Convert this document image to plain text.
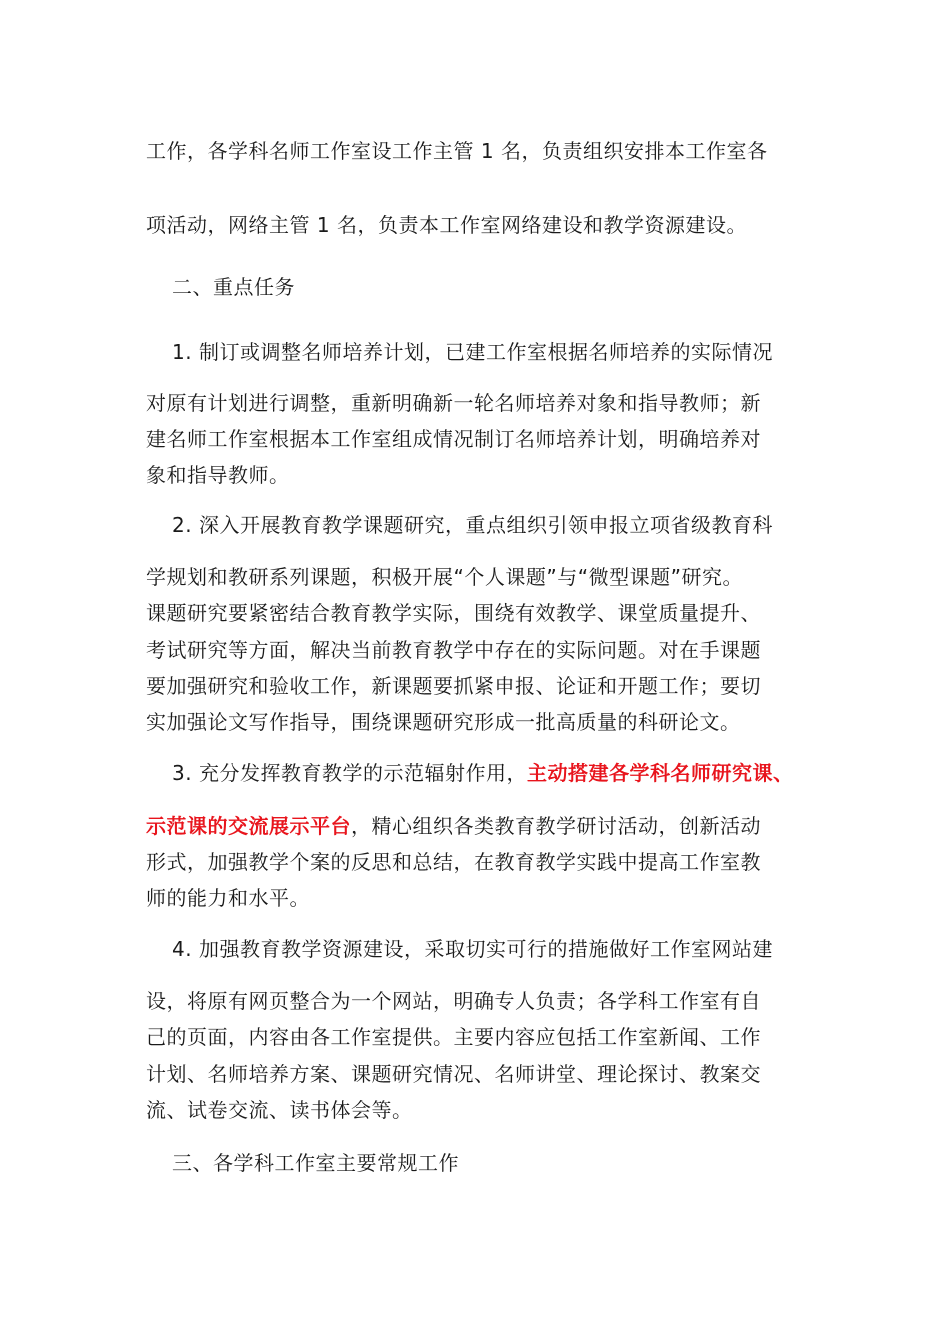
工作，各学科名师工作室设工作主管 1 名，负责组织安排本工作室各
项活动，网络主管 1 名，负责本工作室网络建设和教学资源建设。
二、重点任务
1. 制订或调整名师培养计划，已建工作室根据名师培养的实际情况
对原有计划进行调整，重新明确新一轮名师培养对象和指导教师；新
建名师工作室根据本工作室组成情况制订名师培养计划，明确培养对
象和指导教师。
2. 深入开展教育教学课题研究，重点组织引领申报立项省级教育科
学规划和教研系列课题，积极开展“个人课题”与“微型课题”研究。
课题研究要紧密结合教育教学实际，围绕有效教学、课堂质量提升、
考试研究等方面，解决当前教育教学中存在的实际问题。对在手课题
要加强研究和验收工作，新课题要抓紧申报、论证和开题工作；要切
实加强论文写作指导，围绕课题研究形成一批高质量的科研论文。
3. 充分发挥教育教学的示范辐射作用，主动搭建各学科名师研究课、
示范课的交流展示平台，精心组织各类教育教学研讨活动，创新活动
形式，加强教学个案的反思和总结，在教育教学实践中提高工作室教
师的能力和水平。
4. 加强教育教学资源建设，采取切实可行的措施做好工作室网站建
设，将原有网页整合为一个网站，明确专人负责；各学科工作室有自
己的页面，内容由各工作室提供。主要内容应包括工作室新闻、工作
计划、名师培养方案、课题研究情况、名师讲堂、理论探讨、教案交
流、试卷交流、读书体会等。
三、各学科工作室主要常规工作
